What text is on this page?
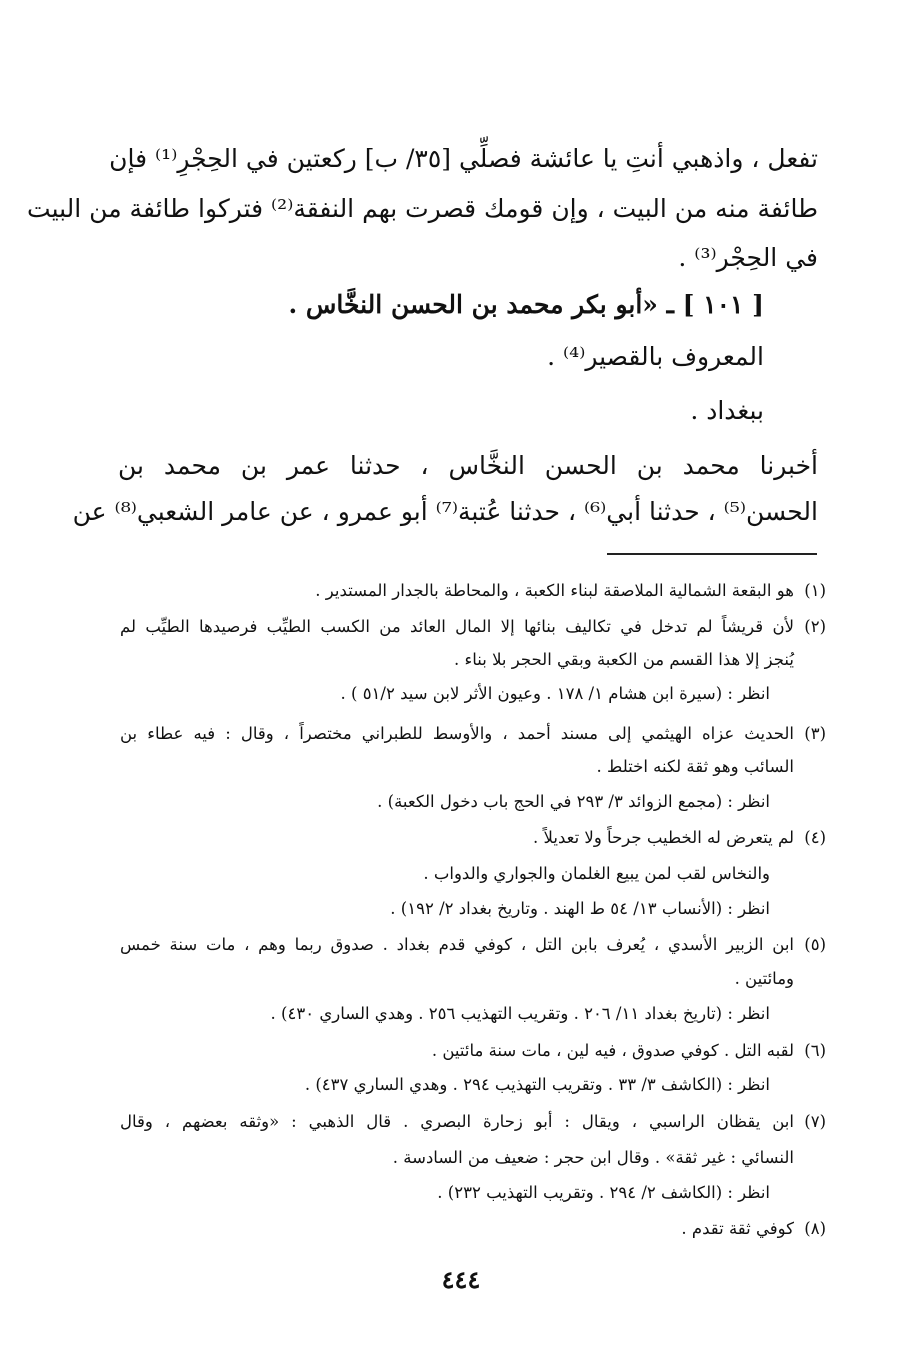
تفعل ، واذهبي أنتِ يا عائشة فصلِّي [٣٥/ ب] ركعتين في الحِجْرِ⁽¹⁾ فإن
طائفة منه من البيت ، وإن قومك قصرت بهم النفقة⁽²⁾ فتركوا طائفة من البيت
في الحِجْر⁽³⁾ .
[ ١٠١ ] ـ «أبو بكر محمد بن الحسن النخَّاس .
المعروف بالقصير⁽⁴⁾ .
ببغداد .
أخبرنا محمد بن الحسن النخَّاس ، حدثنا عمر بن محمد بن
الحسن⁽⁵⁾ ، حدثنا أبي⁽⁶⁾ ، حدثنا عُتبة⁽⁷⁾ أبو عمرو ، عن عامر الشعبي⁽⁸⁾ عن
(١)
هو البقعة الشمالية الملاصقة لبناء الكعبة ، والمحاطة بالجدار المستدير .
(٢)
لأن قريشاً لم تدخل في تكاليف بنائها إلا المال العائد من الكسب الطيِّب فرصيدها الطيِّب لم
يُنجز إلا هذا القسم من الكعبة وبقي الحجر بلا بناء .
انظر : (سيرة ابن هشام ١/ ١٧٨ . وعيون الأثر لابن سيد ٥١/٢ ) .
(٣)
الحديث عزاه الهيثمي إلى مسند أحمد ، والأوسط للطبراني مختصراً ، وقال : فيه عطاء بن
السائب وهو ثقة لكنه اختلط .
انظر : (مجمع الزوائد ٣/ ٢٩٣ في الحج باب دخول الكعبة) .
(٤)
لم يتعرض له الخطيب جرحاً ولا تعديلاً .
والنخاس لقب لمن يبيع الغلمان والجواري والدواب .
انظر : (الأنساب ١٣/ ٥٤ ط الهند . وتاريخ بغداد ٢/ ١٩٢) .
(٥)
ابن الزبير الأسدي ، يُعرف بابن التل ، كوفي قدم بغداد . صدوق ربما وهم ، مات سنة خمس
ومائتين .
انظر : (تاريخ بغداد ١١/ ٢٠٦ . وتقريب التهذيب ٢٥٦ . وهدي الساري ٤٣٠) .
(٦)
لقبه التل . كوفي صدوق ، فيه لين ، مات سنة مائتين .
انظر : (الكاشف ٣/ ٣٣ . وتقريب التهذيب ٢٩٤ . وهدي الساري ٤٣٧) .
(٧)
ابن يقظان الراسبي ، ويقال : أبو زحارة البصري . قال الذهبي : «وثقه بعضهم ، وقال
النسائي : غير ثقة» . وقال ابن حجر : ضعيف من السادسة .
انظر : (الكاشف ٢/ ٢٩٤ . وتقريب التهذيب ٢٣٢) .
(٨)
كوفي ثقة تقدم .
٤٤٤
